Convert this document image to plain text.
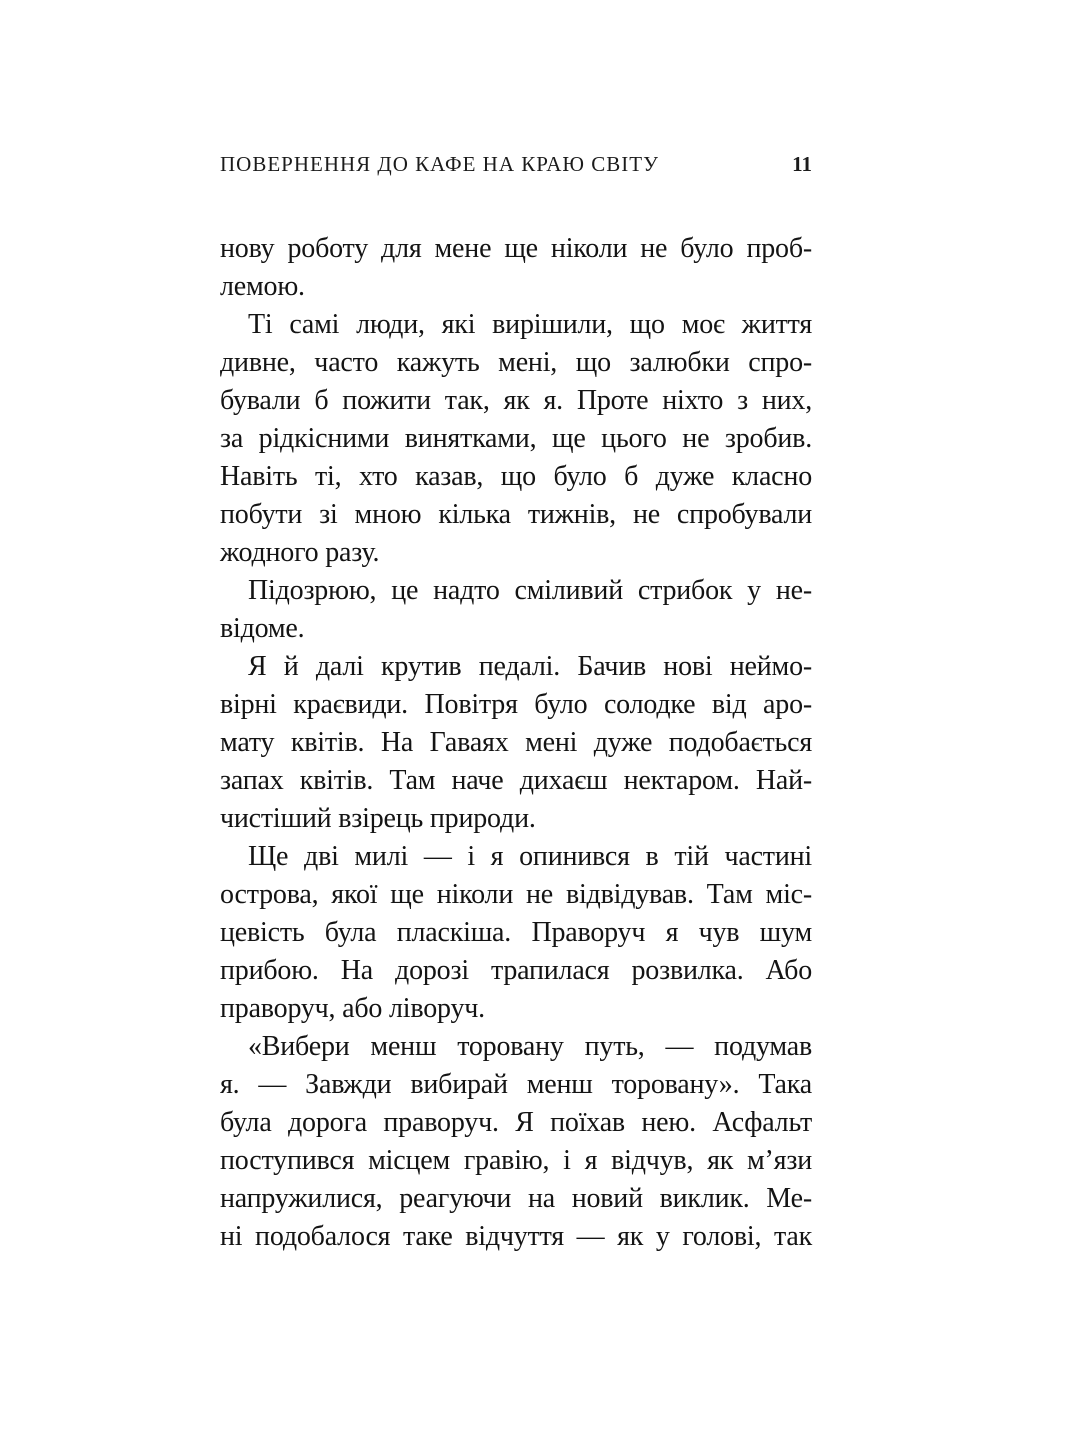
ПОВЕРНЕННЯ ДО КАФЕ НА КРАЮ СВІТУ	11
нову роботу для мене ще ніколи не було проб-
лемою.
Ті самі люди, які вирішили, що моє життя
дивне, часто кажуть мені, що залюбки спро-
бували б пожити так, як я. Проте ніхто з них,
за рідкісними винятками, ще цього не зробив.
Навіть ті, хто казав, що було б дуже класно
побути зі мною кілька тижнів, не спробували
жодного разу.
Підозрюю, це надто сміливий стрибок у не-
відоме.
Я й далі крутив педалі. Бачив нові неймо-
вірні краєвиди. Повітря було солодке від аро-
мату квітів. На Гаваях мені дуже подобається
запах квітів. Там наче дихаєш нектаром. Най-
чистіший взірець природи.
Ще дві милі — і я опинився в тій частині
острова, якої ще ніколи не відвідував. Там міс-
цевість була пласкіша. Праворуч я чув шум
прибою. На дорозі трапилася розвилка. Або
праворуч, або ліворуч.
«Вибери менш торовану путь, — подумав
я. — Завжди вибирай менш торовану». Така
була дорога праворуч. Я поїхав нею. Асфальт
поступився місцем гравію, і я відчув, як м’язи
напружилися, реагуючи на новий виклик. Ме-
ні подобалося таке відчуття — як у голові, так
